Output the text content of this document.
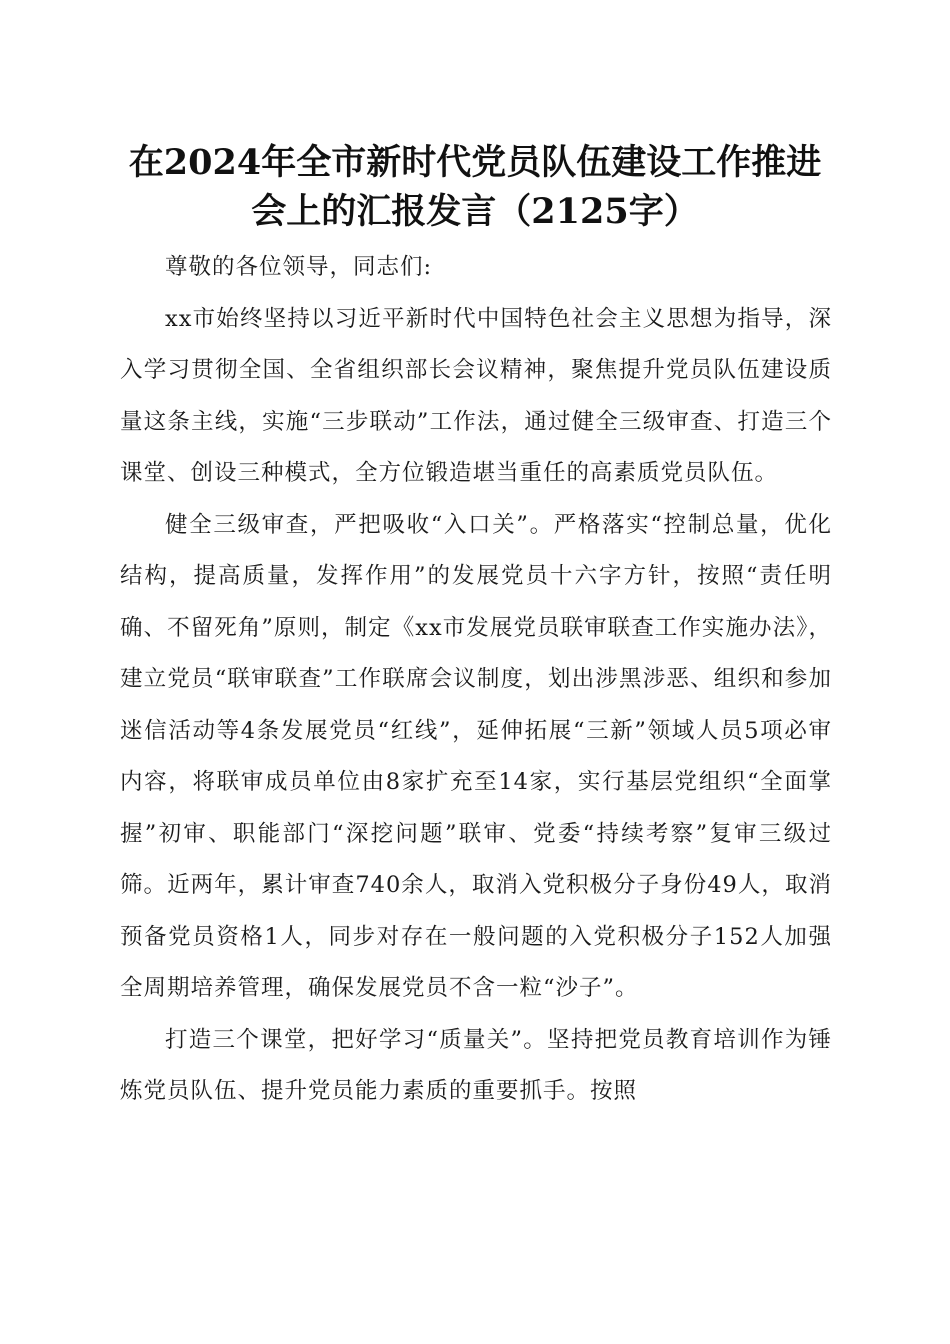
在2024年全市新时代党员队伍建设工作推进
会上的汇报发言（2125字）

尊敬的各位领导，同志们:

xx市始终坚持以习近平新时代中国特色社会主义思想为指导，深入学习贯彻全国、全省组织部长会议精神，聚焦提升党员队伍建设质量这条主线，实施“三步联动”工作法，通过健全三级审查、打造三个课堂、创设三种模式，全方位锻造堪当重任的高素质党员队伍。

健全三级审查，严把吸收“入口关”。严格落实“控制总量，优化结构，提高质量，发挥作用”的发展党员十六字方针，按照“责任明确、不留死角”原则，制定《xx市发展党员联审联查工作实施办法》，建立党员“联审联查”工作联席会议制度，划出涉黑涉恶、组织和参加迷信活动等4条发展党员“红线”，延伸拓展“三新”领域人员5项必审内容，将联审成员单位由8家扩充至14家，实行基层党组织“全面掌握”初审、职能部门“深挖问题”联审、党委“持续考察”复审三级过筛。近两年，累计审查740余人，取消入党积极分子身份49人，取消预备党员资格1人，同步对存在一般问题的入党积极分子152人加强全周期培养管理，确保发展党员不含一粒“沙子”。

打造三个课堂，把好学习“质量关”。坚持把党员教育培训作为锤炼党员队伍、提升党员能力素质的重要抓手。按照
